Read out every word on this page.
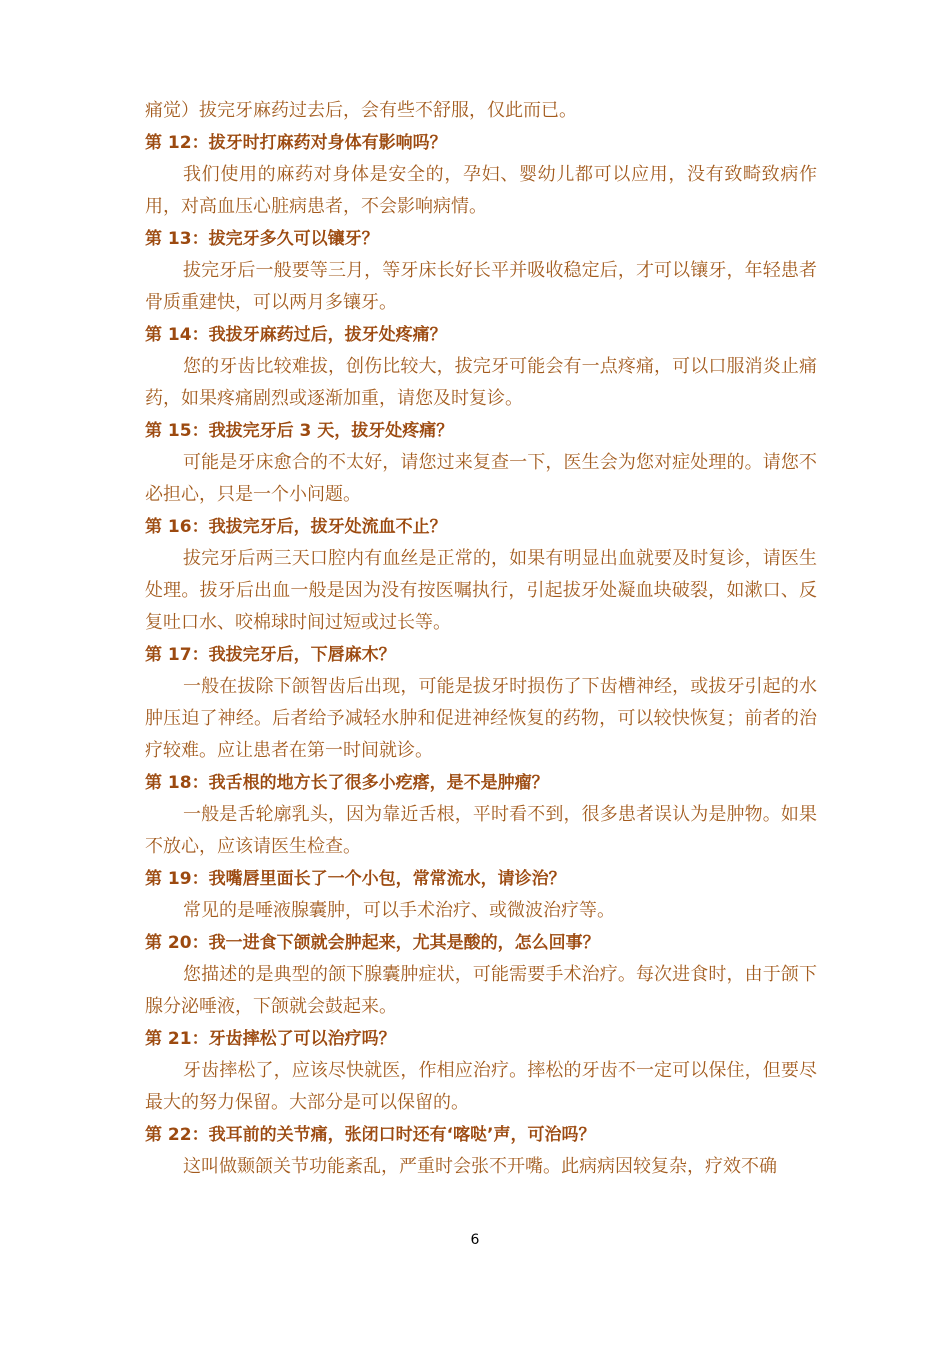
痛觉）拔完牙麻药过去后，会有些不舒服，仅此而已。

第 12：拔牙时打麻药对身体有影响吗？

我们使用的麻药对身体是安全的，孕妇、婴幼儿都可以应用，没有致畸致病作用，对高血压心脏病患者，不会影响病情。

第 13：拔完牙多久可以镶牙？

拔完牙后一般要等三月，等牙床长好长平并吸收稳定后，才可以镶牙，年轻患者骨质重建快，可以两月多镶牙。

第 14：我拔牙麻药过后，拔牙处疼痛？

您的牙齿比较难拔，创伤比较大，拔完牙可能会有一点疼痛，可以口服消炎止痛药，如果疼痛剧烈或逐渐加重，请您及时复诊。

第 15：我拔完牙后 3 天，拔牙处疼痛？

可能是牙床愈合的不太好，请您过来复查一下，医生会为您对症处理的。请您不必担心，只是一个小问题。

第 16：我拔完牙后，拔牙处流血不止？

拔完牙后两三天口腔内有血丝是正常的，如果有明显出血就要及时复诊，请医生处理。拔牙后出血一般是因为没有按医嘱执行，引起拔牙处凝血块破裂，如漱口、反复吐口水、咬棉球时间过短或过长等。

第 17：我拔完牙后，下唇麻木？

一般在拔除下颌智齿后出现，可能是拔牙时损伤了下齿槽神经，或拔牙引起的水肿压迫了神经。后者给予减轻水肿和促进神经恢复的药物，可以较快恢复；前者的治疗较难。应让患者在第一时间就诊。

第 18：我舌根的地方长了很多小疙瘩，是不是肿瘤？

一般是舌轮廓乳头，因为靠近舌根，平时看不到，很多患者误认为是肿物。如果不放心，应该请医生检查。

第 19：我嘴唇里面长了一个小包，常常流水，请诊治？

常见的是唾液腺囊肿，可以手术治疗、或微波治疗等。

第 20：我一进食下颌就会肿起来，尤其是酸的，怎么回事？

您描述的是典型的颌下腺囊肿症状，可能需要手术治疗。每次进食时，由于颌下腺分泌唾液，下颌就会鼓起来。

第 21：牙齿摔松了可以治疗吗？

牙齿摔松了，应该尽快就医，作相应治疗。摔松的牙齿不一定可以保住，但要尽最大的努力保留。大部分是可以保留的。

第 22：我耳前的关节痛，张闭口时还有‘喀哒’声，可治吗？

这叫做颞颌关节功能紊乱，严重时会张不开嘴。此病病因较复杂，疗效不确

6
